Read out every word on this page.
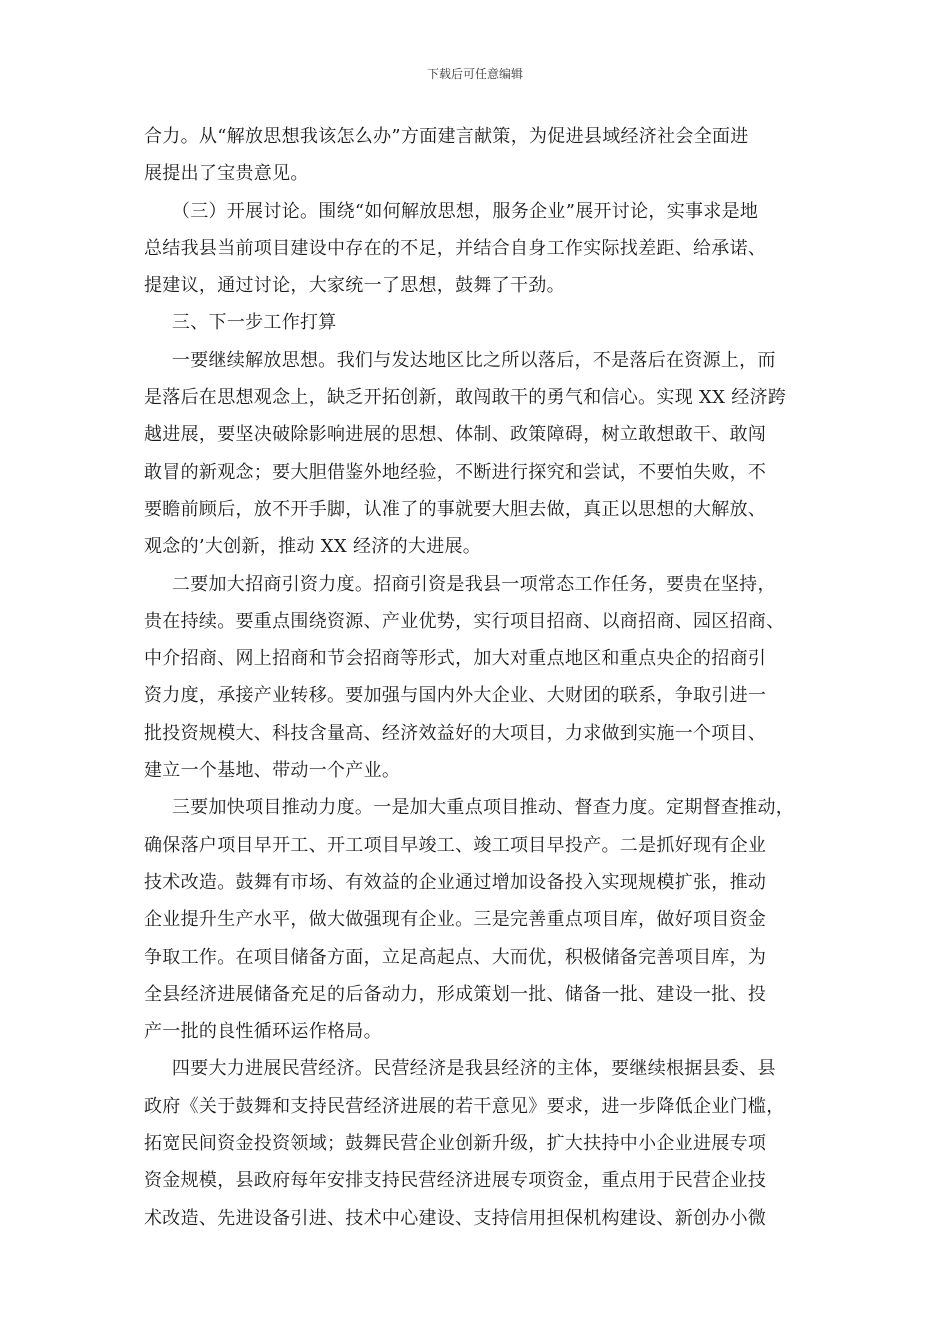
下载后可任意编辑

合力。从“解放思想我该怎么办”方面建言献策，为促进县域经济社会全面进
展提出了宝贵意见。

（三）开展讨论。围绕“如何解放思想，服务企业”展开讨论，实事求是地
总结我县当前项目建设中存在的不足，并结合自身工作实际找差距、给承诺、
提建议，通过讨论，大家统一了思想，鼓舞了干劲。

三、下一步工作打算

一要继续解放思想。我们与发达地区比之所以落后，不是落后在资源上，而
是落后在思想观念上，缺乏开拓创新，敢闯敢干的勇气和信心。实现 XX 经济跨
越进展，要坚决破除影响进展的思想、体制、政策障碍，树立敢想敢干、敢闯
敢冒的新观念；要大胆借鉴外地经验，不断进行探究和尝试，不要怕失败，不
要瞻前顾后，放不开手脚，认准了的事就要大胆去做，真正以思想的大解放、
观念的’大创新，推动 XX 经济的大进展。

二要加大招商引资力度。招商引资是我县一项常态工作任务，要贵在坚持，
贵在持续。要重点围绕资源、产业优势，实行项目招商、以商招商、园区招商、
中介招商、网上招商和节会招商等形式，加大对重点地区和重点央企的招商引
资力度，承接产业转移。要加强与国内外大企业、大财团的联系，争取引进一
批投资规模大、科技含量高、经济效益好的大项目，力求做到实施一个项目、
建立一个基地、带动一个产业。

三要加快项目推动力度。一是加大重点项目推动、督查力度。定期督查推动，
确保落户项目早开工、开工项目早竣工、竣工项目早投产。二是抓好现有企业
技术改造。鼓舞有市场、有效益的企业通过增加设备投入实现规模扩张，推动
企业提升生产水平，做大做强现有企业。三是完善重点项目库，做好项目资金
争取工作。在项目储备方面，立足高起点、大而优，积极储备完善项目库，为
全县经济进展储备充足的后备动力，形成策划一批、储备一批、建设一批、投
产一批的良性循环运作格局。

四要大力进展民营经济。民营经济是我县经济的主体，要继续根据县委、县
政府《关于鼓舞和支持民营经济进展的若干意见》要求，进一步降低企业门槛，
拓宽民间资金投资领域；鼓舞民营企业创新升级，扩大扶持中小企业进展专项
资金规模，县政府每年安排支持民营经济进展专项资金，重点用于民营企业技
术改造、先进设备引进、技术中心建设、支持信用担保机构建设、新创办小微
